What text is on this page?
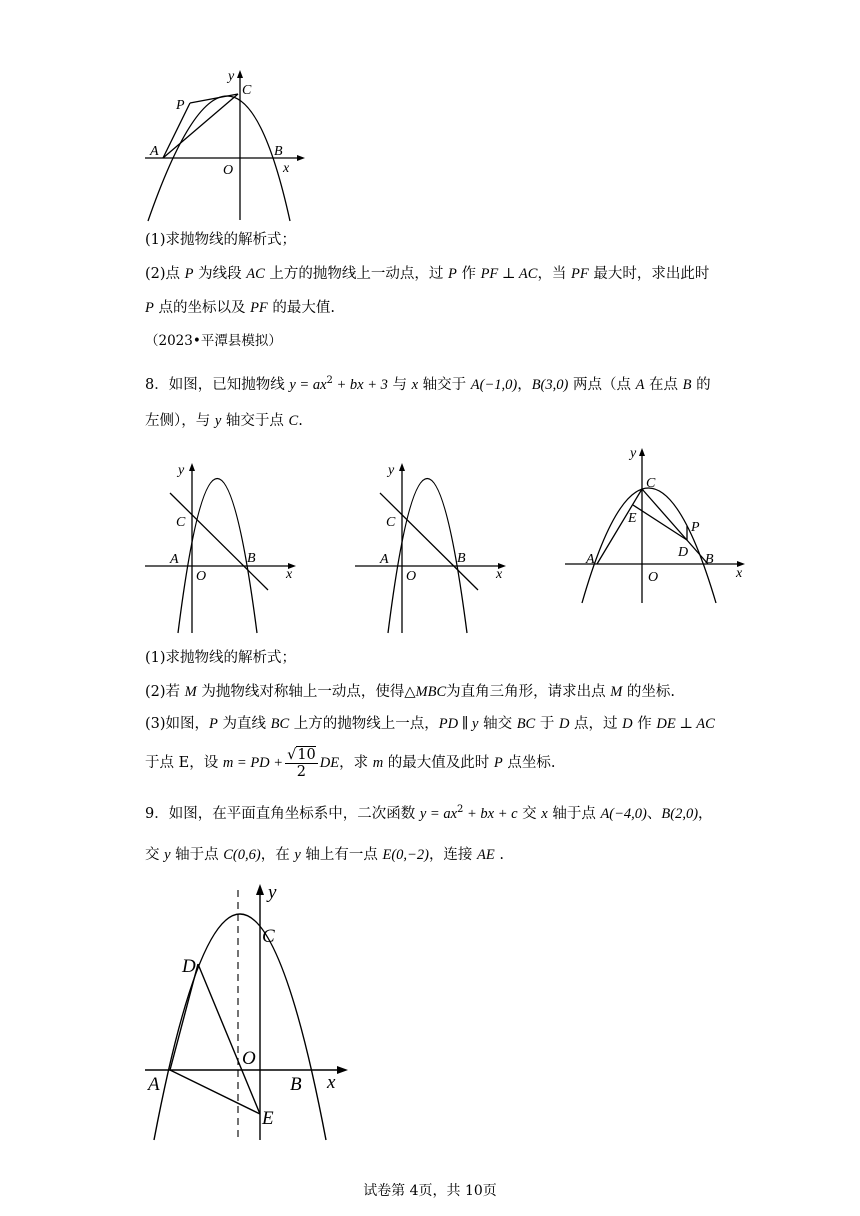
y
P
C
A	B
O	x
(1)求抛物线的解析式；
(2)点 P 为线段 AC 上方的抛物线上一动点，过 P 作 PF ⊥ AC，当 PF 最大时，求出此时
P 点的坐标以及 PF 的最大值.
（2023•平潭县模拟）
8．如图，已知抛物线 $y = ax^2$ + bx + 3 与 x 轴交于 A(−1,0)，B(3,0) 两点（点 A 在点 B 的
左侧），与 y 轴交于点 C.
y
C
A	B
O	x
y
C
A	B
O	x
y
C
E
P
D B
A
O	x
(1)求抛物线的解析式；
(2)若 M 为抛物线对称轴上一动点，使得△MBC为直角三角形，请求出点 M 的坐标.
(3)如图，P 为直线 BC 上方的抛物线上一点，PD ∥ y 轴交 BC 于 D 点，过 D 作 DE ⊥ AC
于点 E，设 m = PD + $\frac{√10}{2}$ DE，求 m 的最大值及此时 P 点坐标.
9．如图，在平面直角坐标系中，二次函数 $y = ax^2$ + bx + c 交 x 轴于点 A(−4,0)、B(2,0)，
交 y 轴于点 C(0,6)，在 y 轴上有一点 E(0,−2)，连接 AE .
y
C
D
O
A	B x
E
试卷第 4页，共 10页
